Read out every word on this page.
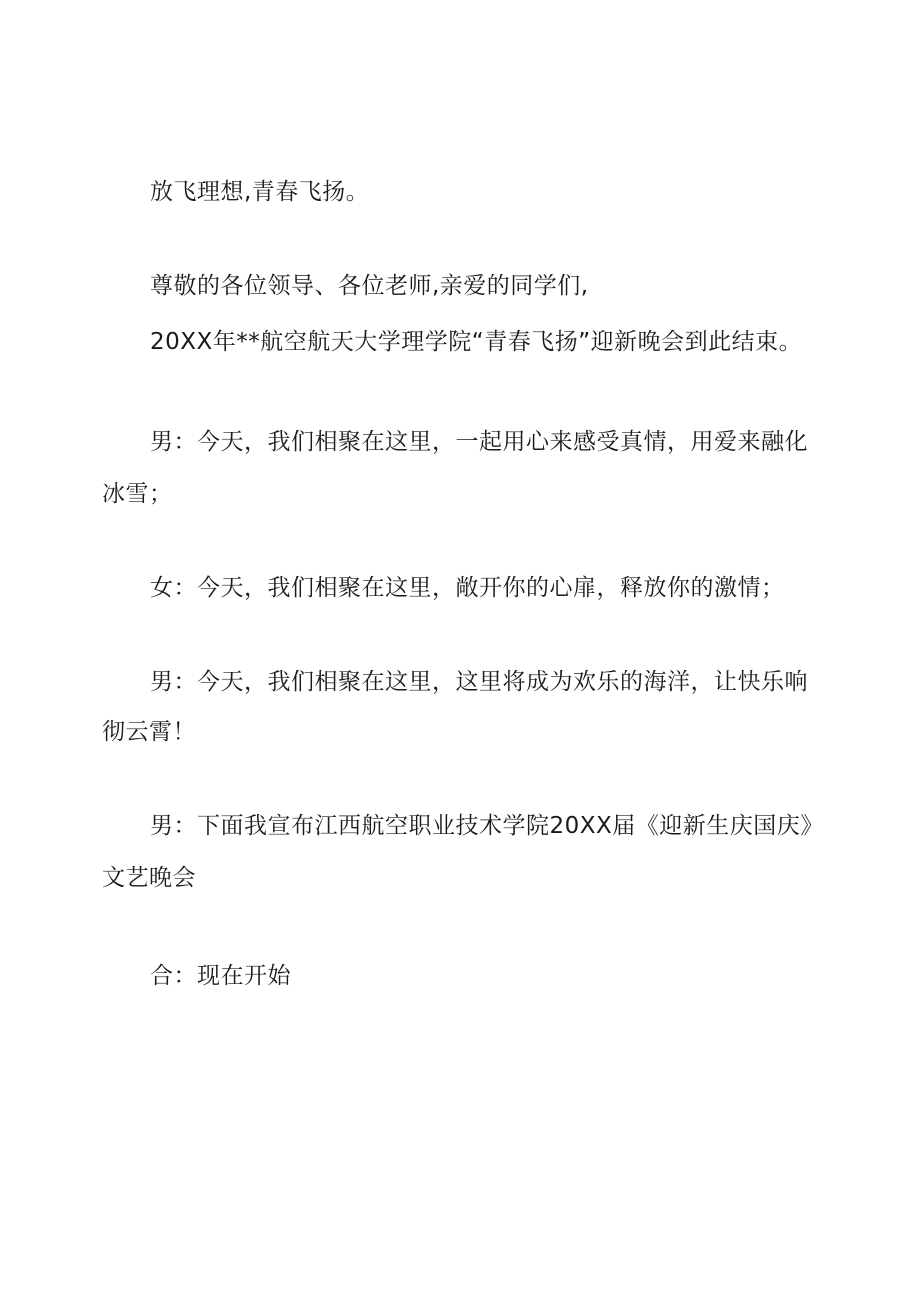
放飞理想,青春飞扬。
尊敬的各位领导、各位老师,亲爱的同学们,
20XX年**航空航天大学理学院“青春飞扬”迎新晚会到此结束。
男：今天，我们相聚在这里，一起用心来感受真情，用爱来融化
冰雪；
女：今天，我们相聚在这里，敞开你的心扉，释放你的激情；
男：今天，我们相聚在这里，这里将成为欢乐的海洋，让快乐响
彻云霄！
男：下面我宣布江西航空职业技术学院20XX届《迎新生庆国庆》
文艺晚会
合：现在开始
